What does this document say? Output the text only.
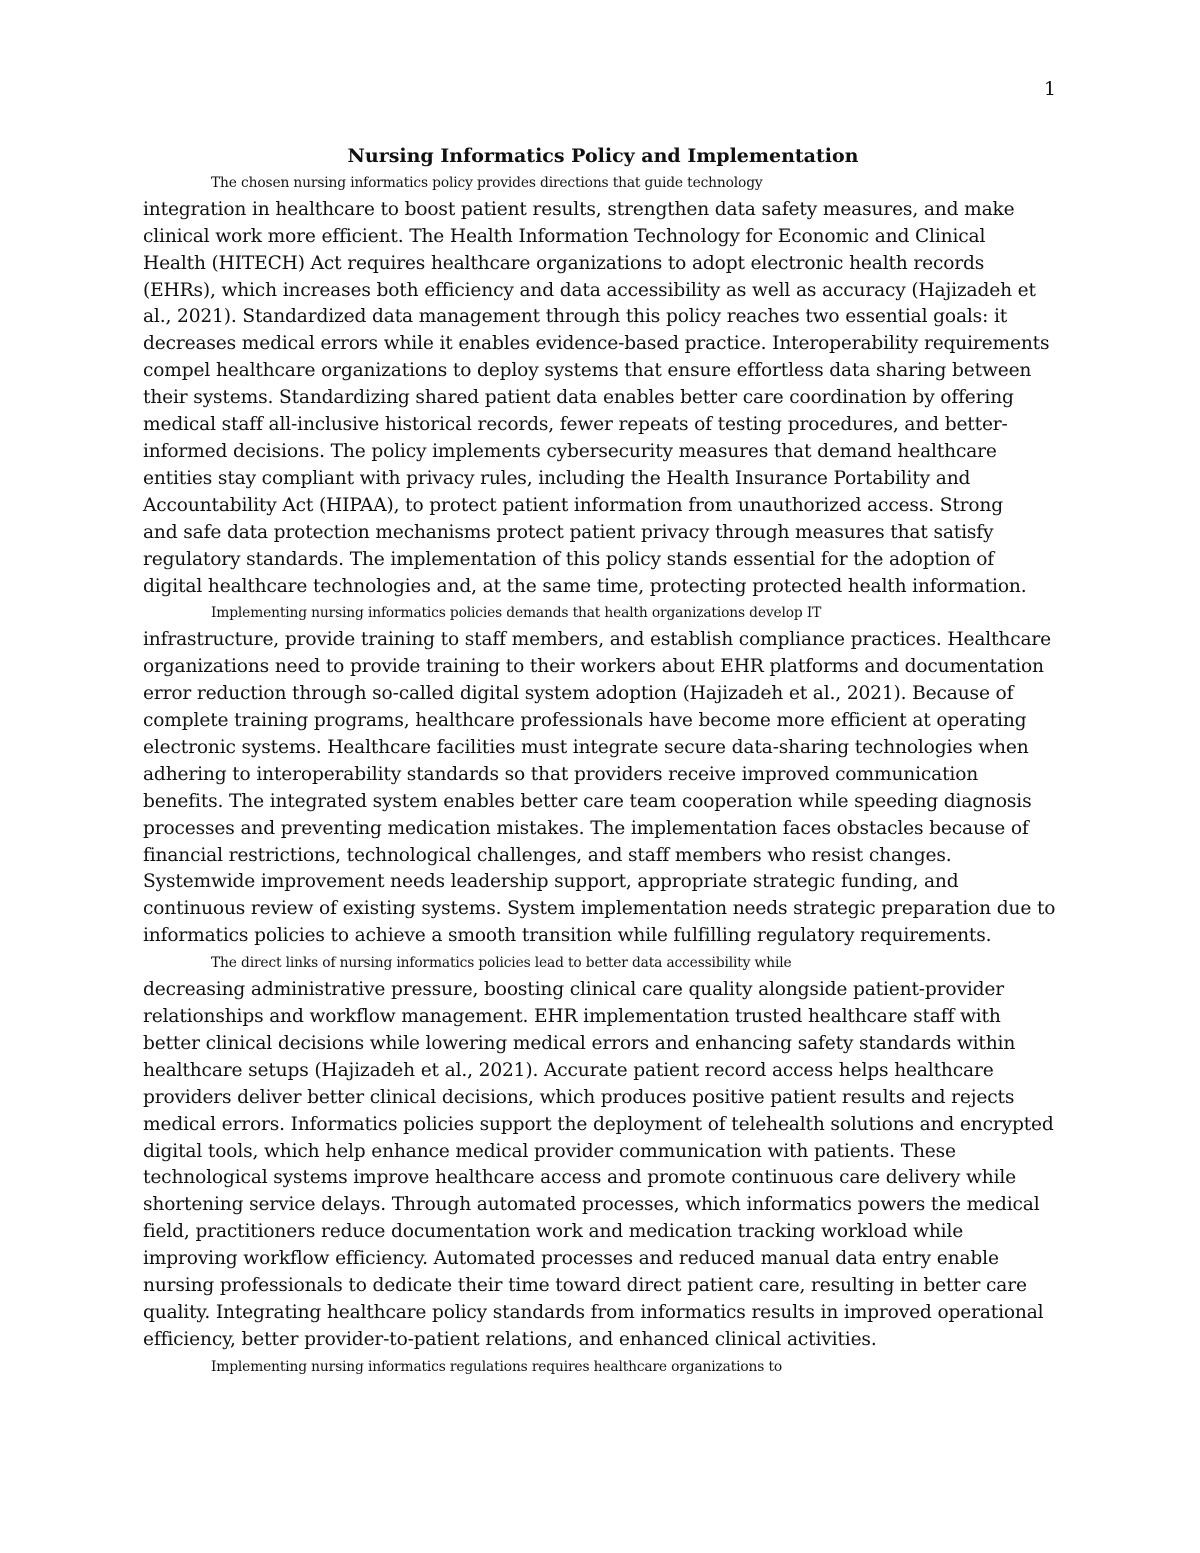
1
Nursing Informatics Policy and Implementation

The chosen nursing informatics policy provides directions that guide technology

integration in healthcare to boost patient results, strengthen data safety measures, and make

clinical work more efficient. The Health Information Technology for Economic and Clinical

Health (HITECH) Act requires healthcare organizations to adopt electronic health records

(EHRs), which increases both efficiency and data accessibility as well as accuracy (Hajizadeh et

al., 2021). Standardized data management through this policy reaches two essential goals: it

decreases medical errors while it enables evidence-based practice. Interoperability requirements

compel healthcare organizations to deploy systems that ensure effortless data sharing between

their systems. Standardizing shared patient data enables better care coordination by offering

medical staff all-inclusive historical records, fewer repeats of testing procedures, and better-

informed decisions. The policy implements cybersecurity measures that demand healthcare

entities stay compliant with privacy rules, including the Health Insurance Portability and

Accountability Act (HIPAA), to protect patient information from unauthorized access. Strong

and safe data protection mechanisms protect patient privacy through measures that satisfy

regulatory standards. The implementation of this policy stands essential for the adoption of

digital healthcare technologies and, at the same time, protecting protected health information.

Implementing nursing informatics policies demands that health organizations develop IT

infrastructure, provide training to staff members, and establish compliance practices. Healthcare

organizations need to provide training to their workers about EHR platforms and documentation

error reduction through so-called digital system adoption (Hajizadeh et al., 2021). Because of

complete training programs, healthcare professionals have become more efficient at operating

electronic systems. Healthcare facilities must integrate secure data-sharing technologies when

adhering to interoperability standards so that providers receive improved communication

benefits. The integrated system enables better care team cooperation while speeding diagnosis

processes and preventing medication mistakes. The implementation faces obstacles because of

financial restrictions, technological challenges, and staff members who resist changes.

Systemwide improvement needs leadership support, appropriate strategic funding, and

continuous review of existing systems. System implementation needs strategic preparation due to

informatics policies to achieve a smooth transition while fulfilling regulatory requirements.

The direct links of nursing informatics policies lead to better data accessibility while

decreasing administrative pressure, boosting clinical care quality alongside patient-provider

relationships and workflow management. EHR implementation trusted healthcare staff with

better clinical decisions while lowering medical errors and enhancing safety standards within

healthcare setups (Hajizadeh et al., 2021). Accurate patient record access helps healthcare

providers deliver better clinical decisions, which produces positive patient results and rejects

medical errors. Informatics policies support the deployment of telehealth solutions and encrypted

digital tools, which help enhance medical provider communication with patients. These

technological systems improve healthcare access and promote continuous care delivery while

shortening service delays. Through automated processes, which informatics powers the medical

field, practitioners reduce documentation work and medication tracking workload while

improving workflow efficiency. Automated processes and reduced manual data entry enable

nursing professionals to dedicate their time toward direct patient care, resulting in better care

quality. Integrating healthcare policy standards from informatics results in improved operational

efficiency, better provider-to-patient relations, and enhanced clinical activities.

Implementing nursing informatics regulations requires healthcare organizations to
